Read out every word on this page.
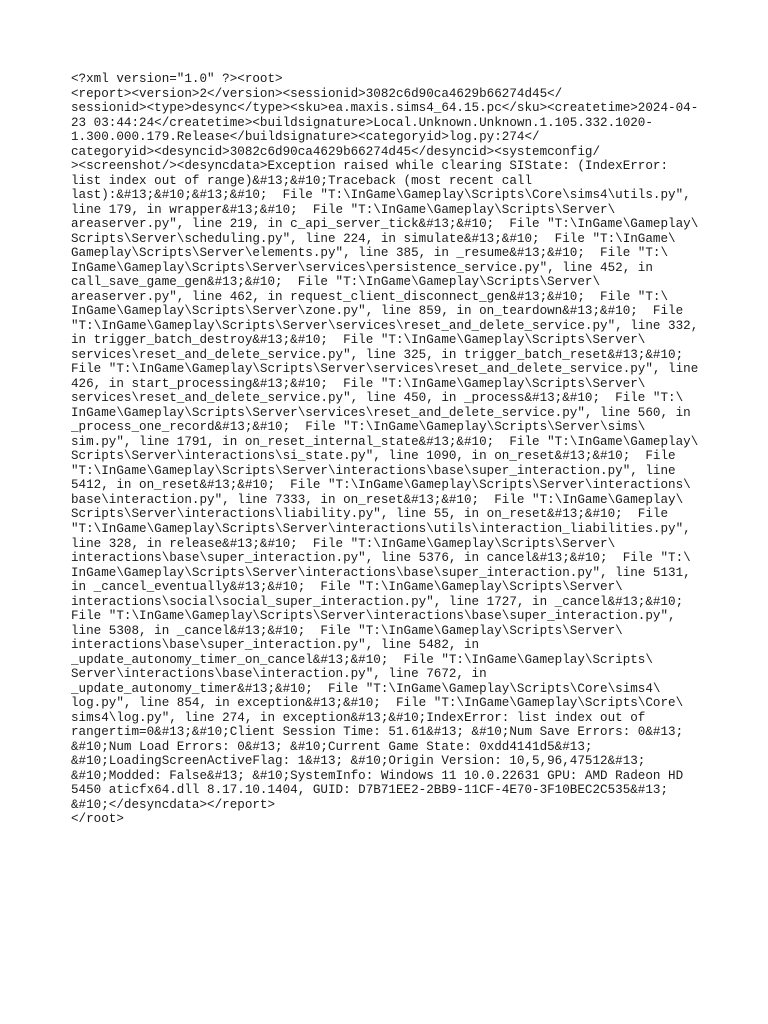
<?xml version="1.0" ?><root>
<report><version>2</version><sessionid>3082c6d90ca4629b66274d45</
sessionid><type>desync</type><sku>ea.maxis.sims4_64.15.pc</sku><createtime>2024-04-
23 03:44:24</createtime><buildsignature>Local.Unknown.Unknown.1.105.332.1020-
1.300.000.179.Release</buildsignature><categoryid>log.py:274</
categoryid><desyncid>3082c6d90ca4629b66274d45</desyncid><systemconfig/
><screenshot/><desyncdata>Exception raised while clearing SIState: (IndexError:
list index out of range)&#13;&#10;Traceback (most recent call
last):&#13;&#10;&#13;&#10;  File "T:\InGame\Gameplay\Scripts\Core\sims4\utils.py",
line 179, in wrapper&#13;&#10;  File "T:\InGame\Gameplay\Scripts\Server\
areaserver.py", line 219, in c_api_server_tick&#13;&#10;  File "T:\InGame\Gameplay\
Scripts\Server\scheduling.py", line 224, in simulate&#13;&#10;  File "T:\InGame\
Gameplay\Scripts\Server\elements.py", line 385, in _resume&#13;&#10;  File "T:\
InGame\Gameplay\Scripts\Server\services\persistence_service.py", line 452, in
call_save_game_gen&#13;&#10;  File "T:\InGame\Gameplay\Scripts\Server\
areaserver.py", line 462, in request_client_disconnect_gen&#13;&#10;  File "T:\
InGame\Gameplay\Scripts\Server\zone.py", line 859, in on_teardown&#13;&#10;  File
"T:\InGame\Gameplay\Scripts\Server\services\reset_and_delete_service.py", line 332,
in trigger_batch_destroy&#13;&#10;  File "T:\InGame\Gameplay\Scripts\Server\
services\reset_and_delete_service.py", line 325, in trigger_batch_reset&#13;&#10;
File "T:\InGame\Gameplay\Scripts\Server\services\reset_and_delete_service.py", line
426, in start_processing&#13;&#10;  File "T:\InGame\Gameplay\Scripts\Server\
services\reset_and_delete_service.py", line 450, in _process&#13;&#10;  File "T:\
InGame\Gameplay\Scripts\Server\services\reset_and_delete_service.py", line 560, in
_process_one_record&#13;&#10;  File "T:\InGame\Gameplay\Scripts\Server\sims\
sim.py", line 1791, in on_reset_internal_state&#13;&#10;  File "T:\InGame\Gameplay\
Scripts\Server\interactions\si_state.py", line 1090, in on_reset&#13;&#10;  File
"T:\InGame\Gameplay\Scripts\Server\interactions\base\super_interaction.py", line
5412, in on_reset&#13;&#10;  File "T:\InGame\Gameplay\Scripts\Server\interactions\
base\interaction.py", line 7333, in on_reset&#13;&#10;  File "T:\InGame\Gameplay\
Scripts\Server\interactions\liability.py", line 55, in on_reset&#13;&#10;  File
"T:\InGame\Gameplay\Scripts\Server\interactions\utils\interaction_liabilities.py",
line 328, in release&#13;&#10;  File "T:\InGame\Gameplay\Scripts\Server\
interactions\base\super_interaction.py", line 5376, in cancel&#13;&#10;  File "T:\
InGame\Gameplay\Scripts\Server\interactions\base\super_interaction.py", line 5131,
in _cancel_eventually&#13;&#10;  File "T:\InGame\Gameplay\Scripts\Server\
interactions\social\social_super_interaction.py", line 1727, in _cancel&#13;&#10;
File "T:\InGame\Gameplay\Scripts\Server\interactions\base\super_interaction.py",
line 5308, in _cancel&#13;&#10;  File "T:\InGame\Gameplay\Scripts\Server\
interactions\base\super_interaction.py", line 5482, in
_update_autonomy_timer_on_cancel&#13;&#10;  File "T:\InGame\Gameplay\Scripts\
Server\interactions\base\interaction.py", line 7672, in
_update_autonomy_timer&#13;&#10;  File "T:\InGame\Gameplay\Scripts\Core\sims4\
log.py", line 854, in exception&#13;&#10;  File "T:\InGame\Gameplay\Scripts\Core\
sims4\log.py", line 274, in exception&#13;&#10;IndexError: list index out of
rangertim=0&#13;&#10;Client Session Time: 51.61&#13; &#10;Num Save Errors: 0&#13;
&#10;Num Load Errors: 0&#13; &#10;Current Game State: 0xdd4141d5&#13;
&#10;LoadingScreenActiveFlag: 1&#13; &#10;Origin Version: 10,5,96,47512&#13;
&#10;Modded: False&#13; &#10;SystemInfo: Windows 11 10.0.22631 GPU: AMD Radeon HD
5450 aticfx64.dll 8.17.10.1404, GUID: D7B71EE2-2BB9-11CF-4E70-3F10BEC2C535&#13;
&#10;</desyncdata></report>
</root>
